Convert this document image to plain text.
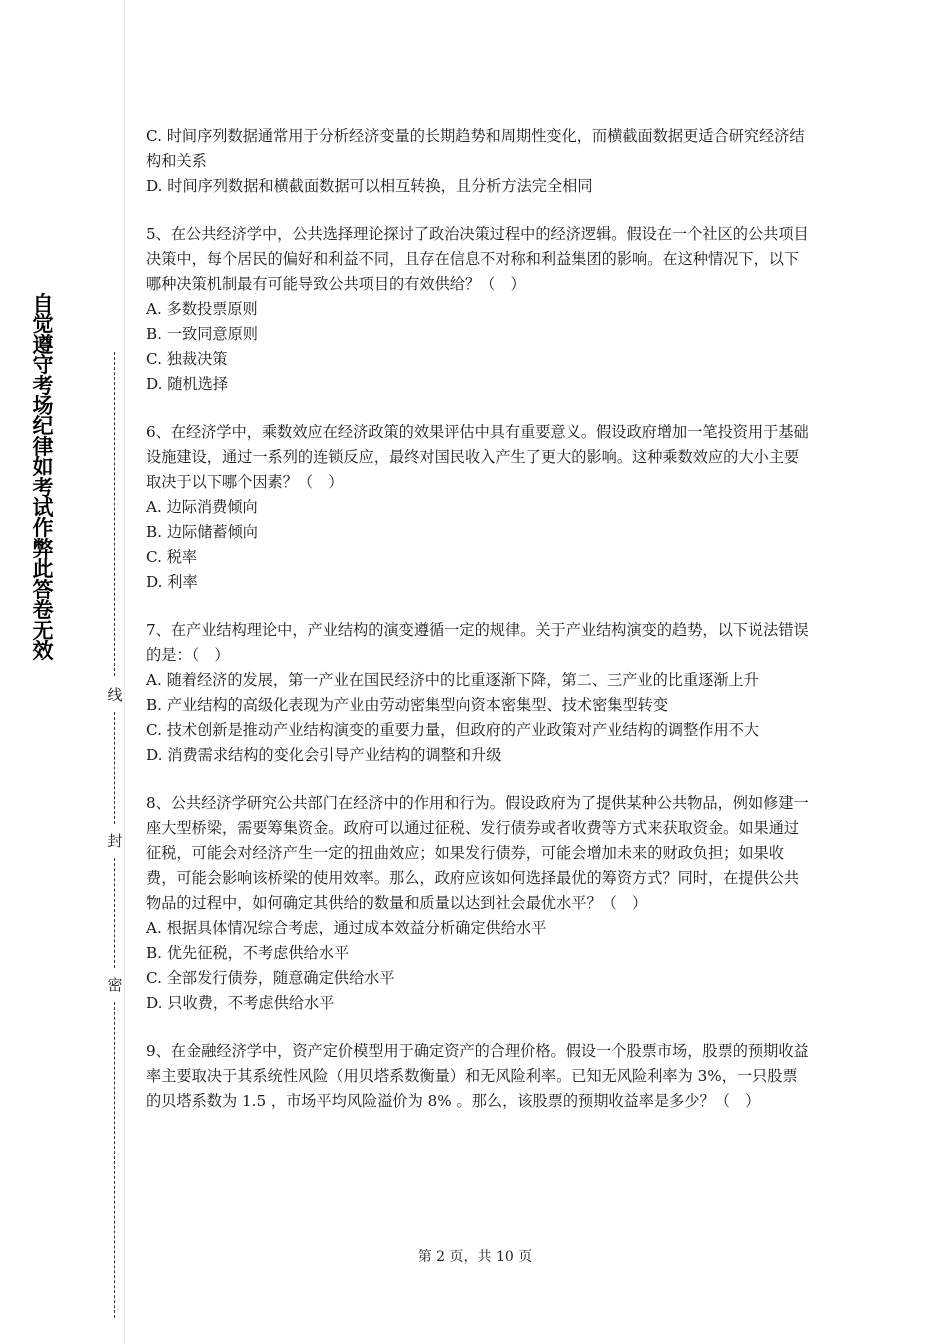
自觉遵守考场纪律如考试作弊此答卷无效
线
封
密

C. 时间序列数据通常用于分析经济变量的长期趋势和周期性变化，而横截面数据更适合研究经济结构和关系

D. 时间序列数据和横截面数据可以相互转换，且分析方法完全相同

5、在公共经济学中，公共选择理论探讨了政治决策过程中的经济逻辑。假设在一个社区的公共项目决策中，每个居民的偏好和利益不同，且存在信息不对称和利益集团的影响。在这种情况下，以下哪种决策机制最有可能导致公共项目的有效供给？（　）

A. 多数投票原则

B. 一致同意原则

C. 独裁决策

D. 随机选择

6、在经济学中，乘数效应在经济政策的效果评估中具有重要意义。假设政府增加一笔投资用于基础设施建设，通过一系列的连锁反应，最终对国民收入产生了更大的影响。这种乘数效应的大小主要取决于以下哪个因素？（　）

A. 边际消费倾向

B. 边际储蓄倾向

C. 税率

D. 利率

7、在产业结构理论中，产业结构的演变遵循一定的规律。关于产业结构演变的趋势，以下说法错误的是：（　）

A. 随着经济的发展，第一产业在国民经济中的比重逐渐下降，第二、三产业的比重逐渐上升

B. 产业结构的高级化表现为产业由劳动密集型向资本密集型、技术密集型转变

C. 技术创新是推动产业结构演变的重要力量，但政府的产业政策对产业结构的调整作用不大

D. 消费需求结构的变化会引导产业结构的调整和升级

8、公共经济学研究公共部门在经济中的作用和行为。假设政府为了提供某种公共物品，例如修建一座大型桥梁，需要筹集资金。政府可以通过征税、发行债券或者收费等方式来获取资金。如果通过征税，可能会对经济产生一定的扭曲效应；如果发行债券，可能会增加未来的财政负担；如果收费，可能会影响该桥梁的使用效率。那么，政府应该如何选择最优的筹资方式？同时，在提供公共物品的过程中，如何确定其供给的数量和质量以达到社会最优水平？（　）

A. 根据具体情况综合考虑，通过成本效益分析确定供给水平

B. 优先征税，不考虑供给水平

C. 全部发行债券，随意确定供给水平

D. 只收费，不考虑供给水平

9、在金融经济学中，资产定价模型用于确定资产的合理价格。假设一个股票市场，股票的预期收益率主要取决于其系统性风险（用贝塔系数衡量）和无风险利率。已知无风险利率为 3%，一只股票的贝塔系数为 1.5 ，市场平均风险溢价为 8% 。那么，该股票的预期收益率是多少？（　）

第 2 页，共 10 页
